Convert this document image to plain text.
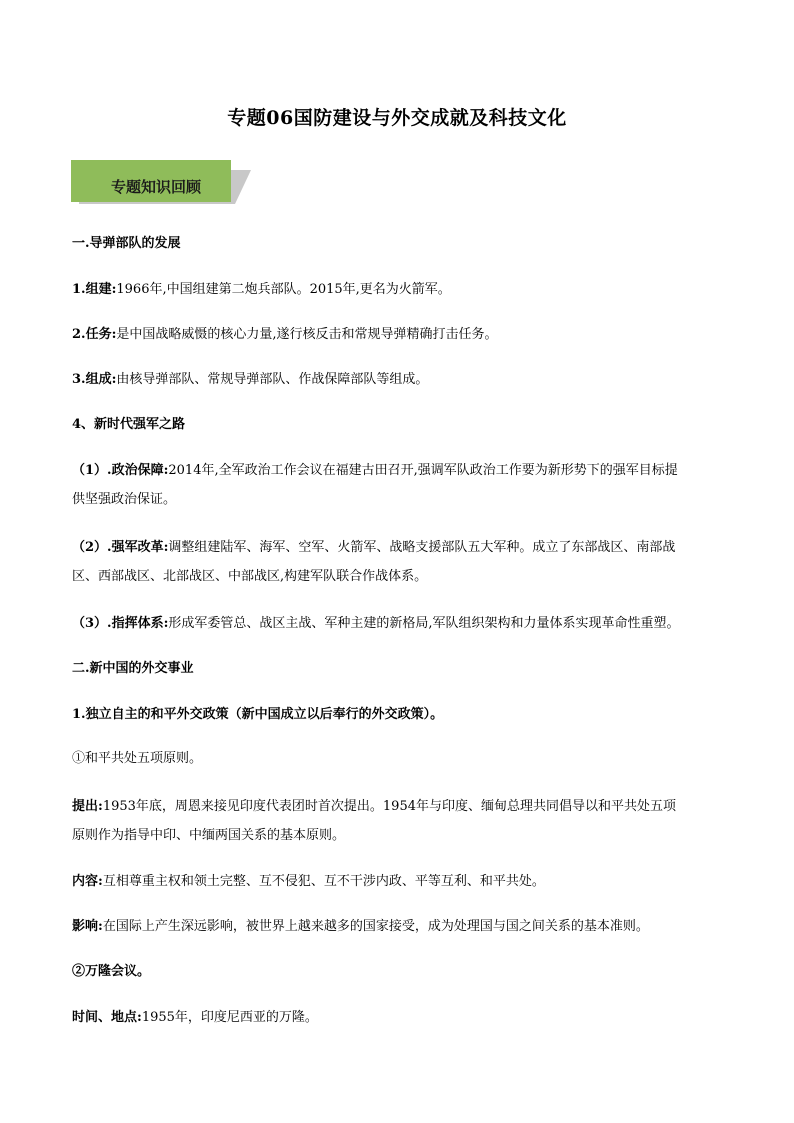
专题06国防建设与外交成就及科技文化
专题知识回顾
一.导弹部队的发展
1.组建:1966年,中国组建第二炮兵部队。2015年,更名为火箭军。
2.任务:是中国战略威慑的核心力量,遂行核反击和常规导弹精确打击任务。
3.组成:由核导弹部队、常规导弹部队、作战保障部队等组成。
4、新时代强军之路
（1）.政治保障:2014年,全军政治工作会议在福建古田召开,强调军队政治工作要为新形势下的强军目标提
供坚强政治保证。
（2）.强军改革:调整组建陆军、海军、空军、火箭军、战略支援部队五大军种。成立了东部战区、南部战
区、西部战区、北部战区、中部战区,构建军队联合作战体系。
（3）.指挥体系:形成军委管总、战区主战、军种主建的新格局,军队组织架构和力量体系实现革命性重塑。
二.新中国的外交事业
1.独立自主的和平外交政策（新中国成立以后奉行的外交政策）。
①和平共处五项原则。
提出:1953年底，周恩来接见印度代表团时首次提出。1954年与印度、缅甸总理共同倡导以和平共处五项
原则作为指导中印、中缅两国关系的基本原则。
内容:互相尊重主权和领土完整、互不侵犯、互不干涉内政、平等互利、和平共处。
影响:在国际上产生深远影响，被世界上越来越多的国家接受，成为处理国与国之间关系的基本准则。
②万隆会议。
时间、地点:1955年，印度尼西亚的万隆。
